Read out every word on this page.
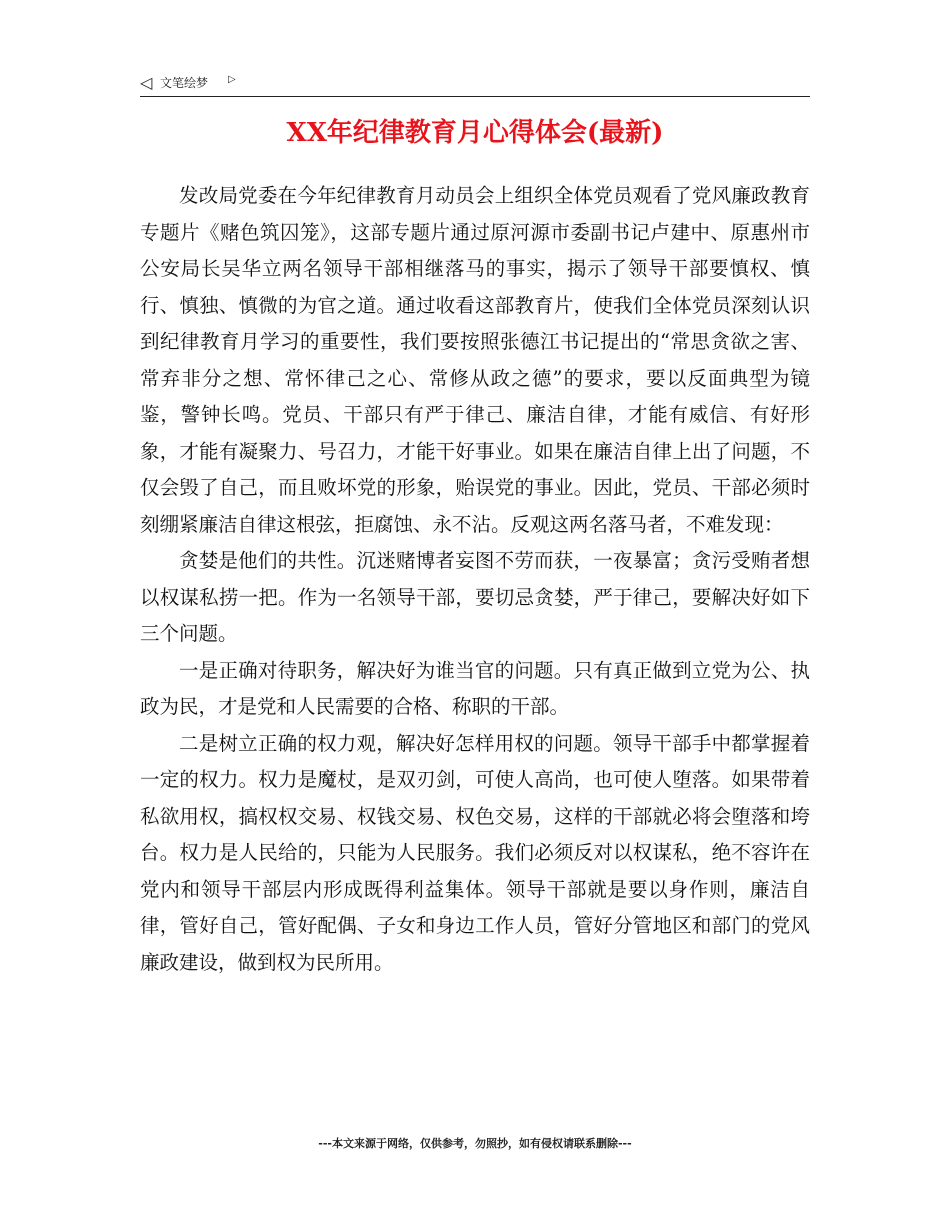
◁ 文笔绘梦 ▷
XX年纪律教育月心得体会(最新)

发改局党委在今年纪律教育月动员会上组织全体党员观看了党风廉政教育专题片《赌色筑囚笼》，这部专题片通过原河源市委副书记卢建中、原惠州市公安局长吴华立两名领导干部相继落马的事实，揭示了领导干部要慎权、慎行、慎独、慎微的为官之道。通过收看这部教育片，使我们全体党员深刻认识到纪律教育月学习的重要性，我们要按照张德江书记提出的“常思贪欲之害、常弃非分之想、常怀律己之心、常修从政之德”的要求，要以反面典型为镜鉴，警钟长鸣。党员、干部只有严于律己、廉洁自律，才能有威信、有好形象，才能有凝聚力、号召力，才能干好事业。如果在廉洁自律上出了问题，不仅会毁了自己，而且败坏党的形象，贻误党的事业。因此，党员、干部必须时刻绷紧廉洁自律这根弦，拒腐蚀、永不沾。反观这两名落马者，不难发现：

贪婪是他们的共性。沉迷赌博者妄图不劳而获，一夜暴富；贪污受贿者想以权谋私捞一把。作为一名领导干部，要切忌贪婪，严于律己，要解决好如下三个问题。

一是正确对待职务，解决好为谁当官的问题。只有真正做到立党为公、执政为民，才是党和人民需要的合格、称职的干部。

二是树立正确的权力观，解决好怎样用权的问题。领导干部手中都掌握着一定的权力。权力是魔杖，是双刃剑，可使人高尚，也可使人堕落。如果带着私欲用权，搞权权交易、权钱交易、权色交易，这样的干部就必将会堕落和垮台。权力是人民给的，只能为人民服务。我们必须反对以权谋私，绝不容许在党内和领导干部层内形成既得利益集体。领导干部就是要以身作则，廉洁自律，管好自己，管好配偶、子女和身边工作人员，管好分管地区和部门的党风廉政建设，做到权为民所用。

---本文来源于网络，仅供参考，勿照抄，如有侵权请联系删除---
